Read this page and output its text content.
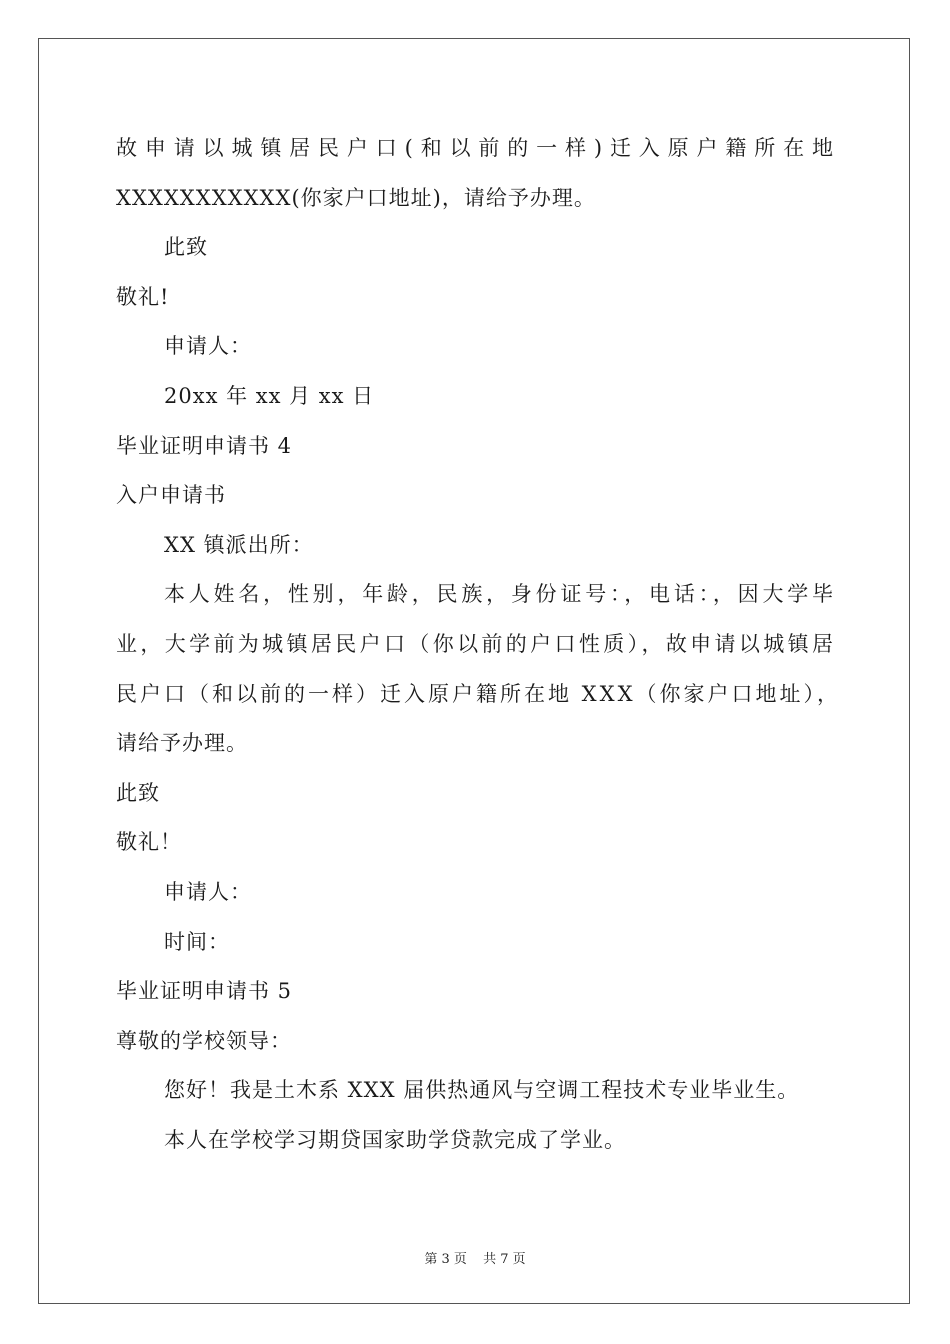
故申请以城镇居民户口(和以前的一样)迁入原户籍所在地
XXXXXXXXXXX(你家户口地址)，请给予办理。
此致
敬礼!
申请人：
20xx 年 xx 月 xx 日
毕业证明申请书 4
入户申请书
XX 镇派出所：
本人姓名，性别，年龄，民族，身份证号：，电话：，因大学毕
业，大学前为城镇居民户口（你以前的户口性质），故申请以城镇居
民户口（和以前的一样）迁入原户籍所在地 XXX（你家户口地址），
请给予办理。
此致
敬礼！
申请人：
时间：
毕业证明申请书 5
尊敬的学校领导：
您好！我是土木系 XXX 届供热通风与空调工程技术专业毕业生。
本人在学校学习期贷国家助学贷款完成了学业。
第 3 页 共 7 页
